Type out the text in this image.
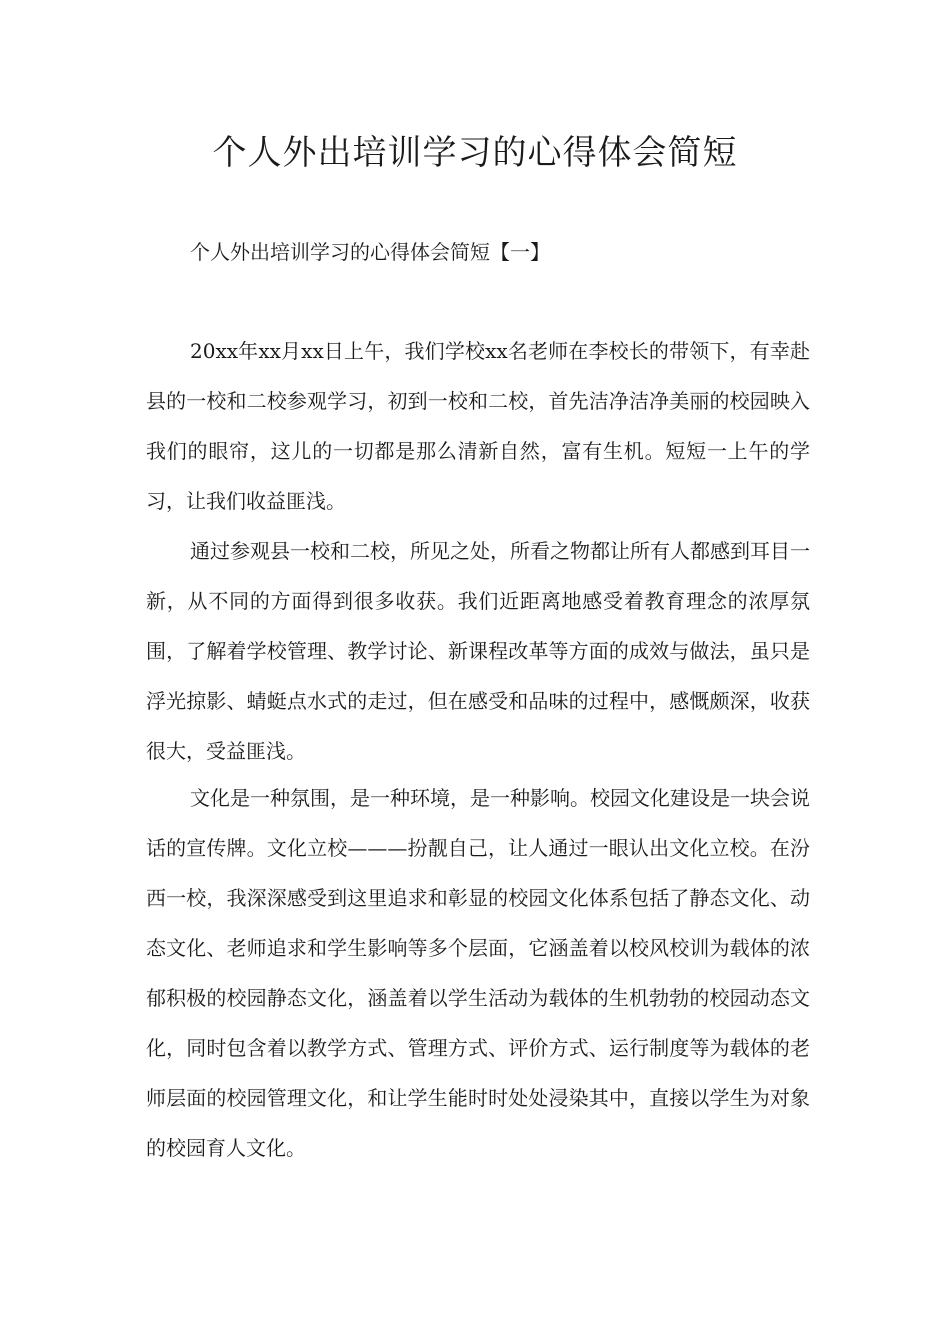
个人外出培训学习的心得体会简短

个人外出培训学习的心得体会简短【一】

20xx年xx月xx日上午，我们学校xx名老师在李校长的带领下，有幸赴县的一校和二校参观学习，初到一校和二校，首先洁净洁净美丽的校园映入我们的眼帘，这儿的一切都是那么清新自然，富有生机。短短一上午的学习，让我们收益匪浅。

通过参观县一校和二校，所见之处，所看之物都让所有人都感到耳目一新，从不同的方面得到很多收获。我们近距离地感受着教育理念的浓厚氛围，了解着学校管理、教学讨论、新课程改革等方面的成效与做法，虽只是浮光掠影、蜻蜓点水式的走过，但在感受和品味的过程中，感慨颇深，收获很大，受益匪浅。

文化是一种氛围，是一种环境，是一种影响。校园文化建设是一块会说话的宣传牌。文化立校———扮靓自己，让人通过一眼认出文化立校。在汾西一校，我深深感受到这里追求和彰显的校园文化体系包括了静态文化、动态文化、老师追求和学生影响等多个层面，它涵盖着以校风校训为载体的浓郁积极的校园静态文化，涵盖着以学生活动为载体的生机勃勃的校园动态文化，同时包含着以教学方式、管理方式、评价方式、运行制度等为载体的老师层面的校园管理文化，和让学生能时时处处浸染其中，直接以学生为对象的校园育人文化。
